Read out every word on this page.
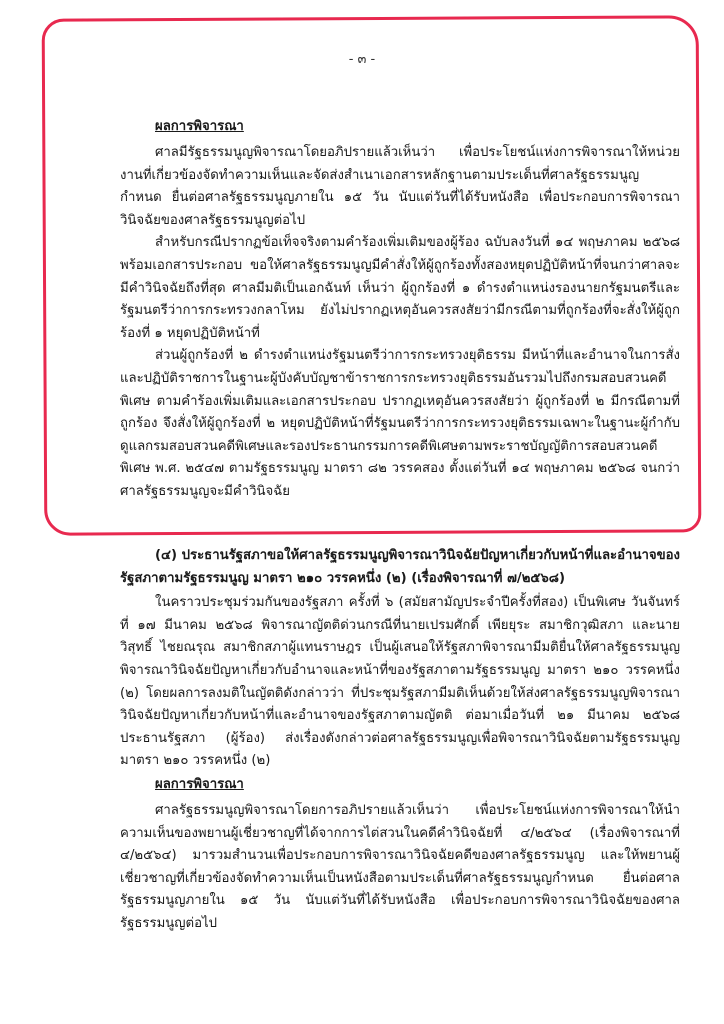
- ๓ -
ผลการพิจารณา

ศาลมีรัฐธรรมนูญพิจารณาโดยอภิปรายแล้วเห็นว่า เพื่อประโยชน์แห่งการพิจารณาให้หน่วยงานที่เกี่ยวข้องจัดทำความเห็นและจัดส่งสำเนาเอกสารหลักฐานตามประเด็นที่ศาลรัฐธรรมนูญกำหนด ยื่นต่อศาลรัฐธรรมนูญภายใน ๑๕ วัน นับแต่วันที่ได้รับหนังสือ เพื่อประกอบการพิจารณาวินิจฉัยของศาลรัฐธรรมนูญต่อไป

สำหรับกรณีปรากฏข้อเท็จจริงตามคำร้องเพิ่มเติมของผู้ร้อง ฉบับลงวันที่ ๑๔ พฤษภาคม ๒๕๖๘ พร้อมเอกสารประกอบ ขอให้ศาลรัฐธรรมนูญมีคำสั่งให้ผู้ถูกร้องทั้งสองหยุดปฏิบัติหน้าที่จนกว่าศาลจะมีคำวินิจฉัยถึงที่สุด ศาลมีมติเป็นเอกฉันท์ เห็นว่า ผู้ถูกร้องที่ ๑ ดำรงตำแหน่งรองนายกรัฐมนตรีและรัฐมนตรีว่าการกระทรวงกลาโหม ยังไม่ปรากฏเหตุอันควรสงสัยว่ามีกรณีตามที่ถูกร้องที่จะสั่งให้ผู้ถูกร้องที่ ๑ หยุดปฏิบัติหน้าที่

ส่วนผู้ถูกร้องที่ ๒ ดำรงตำแหน่งรัฐมนตรีว่าการกระทรวงยุติธรรม มีหน้าที่และอำนาจในการสั่งและปฏิบัติราชการในฐานะผู้บังคับบัญชาข้าราชการกระทรวงยุติธรรมอันรวมไปถึงกรมสอบสวนคดีพิเศษ ตามคำร้องเพิ่มเติมและเอกสารประกอบ ปรากฏเหตุอันควรสงสัยว่า ผู้ถูกร้องที่ ๒ มีกรณีตามที่ถูกร้อง จึงสั่งให้ผู้ถูกร้องที่ ๒ หยุดปฏิบัติหน้าที่รัฐมนตรีว่าการกระทรวงยุติธรรมเฉพาะในฐานะผู้กำกับดูแลกรมสอบสวนคดีพิเศษและรองประธานกรรมการคดีพิเศษตามพระราชบัญญัติการสอบสวนคดีพิเศษ พ.ศ. ๒๕๔๗ ตามรัฐธรรมนูญ มาตรา ๘๒ วรรคสอง ตั้งแต่วันที่ ๑๔ พฤษภาคม ๒๕๖๘ จนกว่าศาลรัฐธรรมนูญจะมีคำวินิจฉัย

(๔) ประธานรัฐสภาขอให้ศาลรัฐธรรมนูญพิจารณาวินิจฉัยปัญหาเกี่ยวกับหน้าที่และอำนาจของรัฐสภาตามรัฐธรรมนูญ มาตรา ๒๑๐ วรรคหนึ่ง (๒) (เรื่องพิจารณาที่ ๗/๒๕๖๘)

ในคราวประชุมร่วมกันของรัฐสภา ครั้งที่ ๖ (สมัยสามัญประจำปีครั้งที่สอง) เป็นพิเศษ วันจันทร์ที่ ๑๗ มีนาคม ๒๕๖๘ พิจารณาญัตติด่วนกรณีที่นายเปรมศักดิ์ เพียยุระ สมาชิกวุฒิสภา และนายวิสุทธิ์ ไชยณรุณ สมาชิกสภาผู้แทนราษฎร เป็นผู้เสนอให้รัฐสภาพิจารณามีมติยื่นให้ศาลรัฐธรรมนูญพิจารณาวินิจฉัยปัญหาเกี่ยวกับอำนาจและหน้าที่ของรัฐสภาตามรัฐธรรมนูญ มาตรา ๒๑๐ วรรคหนึ่ง (๒) โดยผลการลงมติในญัตติดังกล่าวว่า ที่ประชุมรัฐสภามีมติเห็นด้วยให้ส่งศาลรัฐธรรมนูญพิจารณาวินิจฉัยปัญหาเกี่ยวกับหน้าที่และอำนาจของรัฐสภาตามญัตติ ต่อมาเมื่อวันที่ ๒๑ มีนาคม ๒๕๖๘ ประธานรัฐสภา (ผู้ร้อง) ส่งเรื่องดังกล่าวต่อศาลรัฐธรรมนูญเพื่อพิจารณาวินิจฉัยตามรัฐธรรมนูญ มาตรา ๒๑๐ วรรคหนึ่ง (๒)

ผลการพิจารณา

ศาลรัฐธรรมนูญพิจารณาโดยการอภิปรายแล้วเห็นว่า เพื่อประโยชน์แห่งการพิจารณาให้นำความเห็นของพยานผู้เชี่ยวชาญที่ได้จากการไต่สวนในคดีคำวินิจฉัยที่ ๔/๒๕๖๔ (เรื่องพิจารณาที่ ๔/๒๕๖๔) มารวมสำนวนเพื่อประกอบการพิจารณาวินิจฉัยคดีของศาลรัฐธรรมนูญ และให้พยานผู้เชี่ยวชาญที่เกี่ยวข้องจัดทำความเห็นเป็นหนังสือตามประเด็นที่ศาลรัฐธรรมนูญกำหนด ยื่นต่อศาลรัฐธรรมนูญภายใน ๑๕ วัน นับแต่วันที่ได้รับหนังสือ เพื่อประกอบการพิจารณาวินิจฉัยของศาลรัฐธรรมนูญต่อไป
